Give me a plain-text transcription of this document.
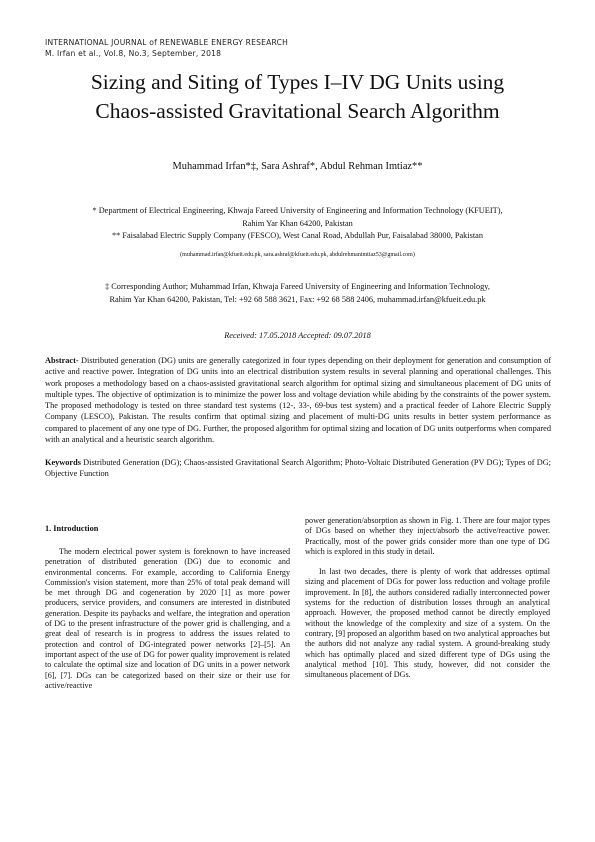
INTERNATIONAL JOURNAL of RENEWABLE ENERGY RESEARCH
M. Irfan et al., Vol.8, No.3, September, 2018
Sizing and Siting of Types I–IV DG Units using
Chaos-assisted Gravitational Search Algorithm
Muhammad Irfan*‡, Sara Ashraf*, Abdul Rehman Imtiaz**
* Department of Electrical Engineering, Khwaja Fareed University of Engineering and Information Technology (KFUEIT),
Rahim Yar Khan 64200, Pakistan
** Faisalabad Electric Supply Company (FESCO), West Canal Road, Abdullah Pur, Faisalabad 38000, Pakistan
(muhammad.irfan@kfueit.edu.pk, sara.ashraf@kfueit.edu.pk, abdulrehmanimtiaz53@gmail.com)
‡ Corresponding Author; Muhammad Irfan, Khwaja Fareed University of Engineering and Information Technology,
Rahim Yar Khan 64200, Pakistan, Tel: +92 68 588 3621, Fax: +92 68 588 2406, muhammad.irfan@kfueit.edu.pk
Received: 17.05.2018 Accepted: 09.07.2018

Abstract- Distributed generation (DG) units are generally categorized in four types depending on their deployment for generation and consumption of active and reactive power. Integration of DG units into an electrical distribution system results in several planning and operational challenges. This work proposes a methodology based on a chaos-assisted gravitational search algorithm for optimal sizing and simultaneous placement of DG units of multiple types. The objective of optimization is to minimize the power loss and voltage deviation while abiding by the constraints of the power system. The proposed methodology is tested on three standard test systems (12-, 33-, 69-bus test system) and a practical feeder of Lahore Electric Supply Company (LESCO), Pakistan. The results confirm that optimal sizing and placement of multi-DG units results in better system performance as compared to placement of any one type of DG. Further, the proposed algorithm for optimal sizing and location of DG units outperforms when compared with an analytical and a heuristic search algorithm.

Keywords Distributed Generation (DG); Chaos-assisted Gravitational Search Algorithm; Photo-Voltaic Distributed Generation (PV DG); Types of DG; Objective Function

1. Introduction

The modern electrical power system is foreknown to have increased penetration of distributed generation (DG) due to economic and environmental concerns. For example, according to California Energy Commission's vision statement, more than 25% of total peak demand will be met through DG and cogeneration by 2020 [1] as more power producers, service providers, and consumers are interested in distributed generation. Despite its paybacks and welfare, the integration and operation of DG to the present infrastructure of the power grid is challenging, and a great deal of research is in progress to address the issues related to protection and control of DG-integrated power networks [2]–[5]. An important aspect of the use of DG for power quality improvement is related to calculate the optimal size and location of DG units in a power network [6], [7]. DGs can be categorized based on their size or their use for active/reactive

power generation/absorption as shown in Fig. 1. There are four major types of DGs based on whether they inject/absorb the active/reactive power. Practically, most of the power grids consider more than one type of DG which is explored in this study in detail.

In last two decades, there is plenty of work that addresses optimal sizing and placement of DGs for power loss reduction and voltage profile improvement. In [8], the authors considered radially interconnected power systems for the reduction of distribution losses through an analytical approach. However, the proposed method cannot be directly employed without the knowledge of the complexity and size of a system. On the contrary, [9] proposed an algorithm based on two analytical approaches but the authors did not analyze any radial system. A ground-breaking study which has optimally placed and sized different type of DGs using the analytical method [10]. This study, however, did not consider the simultaneous placement of DGs.
